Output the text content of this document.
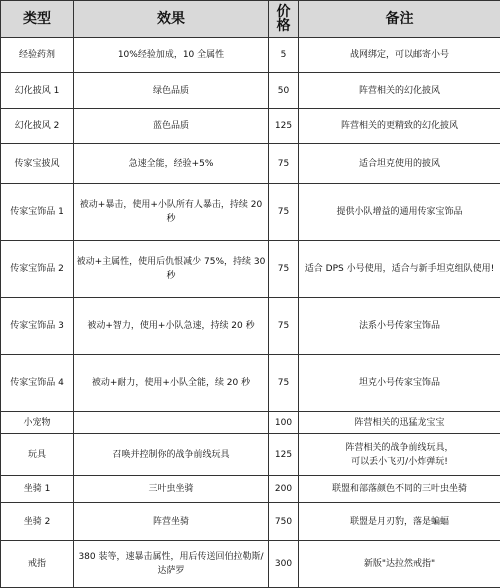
类型	效果	价格	备注
经验药剂	10%经验加成，10 全属性	5	战网绑定，可以邮寄小号
幻化披风 1	绿色品质	50	阵营相关的幻化披风
幻化披风 2	蓝色品质	125	阵营相关的更精致的幻化披风
传家宝披风	急速全能，经验+5%	75	适合坦克使用的披风
传家宝饰品 1	被动+暴击，使用+小队所有人暴击，持续 20 秒	75	提供小队增益的通用传家宝饰品
传家宝饰品 2	被动+主属性，使用后仇恨减少 75%，持续 30 秒	75	适合 DPS 小号使用，适合与新手坦克组队使用!
传家宝饰品 3	被动+智力，使用+小队急速，持续 20 秒	75	法系小号传家宝饰品
传家宝饰品 4	被动+耐力，使用+小队全能，续 20 秒	75	坦克小号传家宝饰品
小宠物		100	阵营相关的迅猛龙宝宝
玩具	召唤并控制你的战争前线玩具	125	阵营相关的战争前线玩具，
可以丢小飞刃/小炸弹玩!

坐骑 1	三叶虫坐骑	200	联盟和部落颜色不同的三叶虫坐骑
坐骑 2	阵营坐骑	750	联盟是月刃豹，落是蝙蝠
戒指	380 装等，速暴击属性，用后传送回伯拉勒斯/达萨罗	300	新版"达拉然戒指"
